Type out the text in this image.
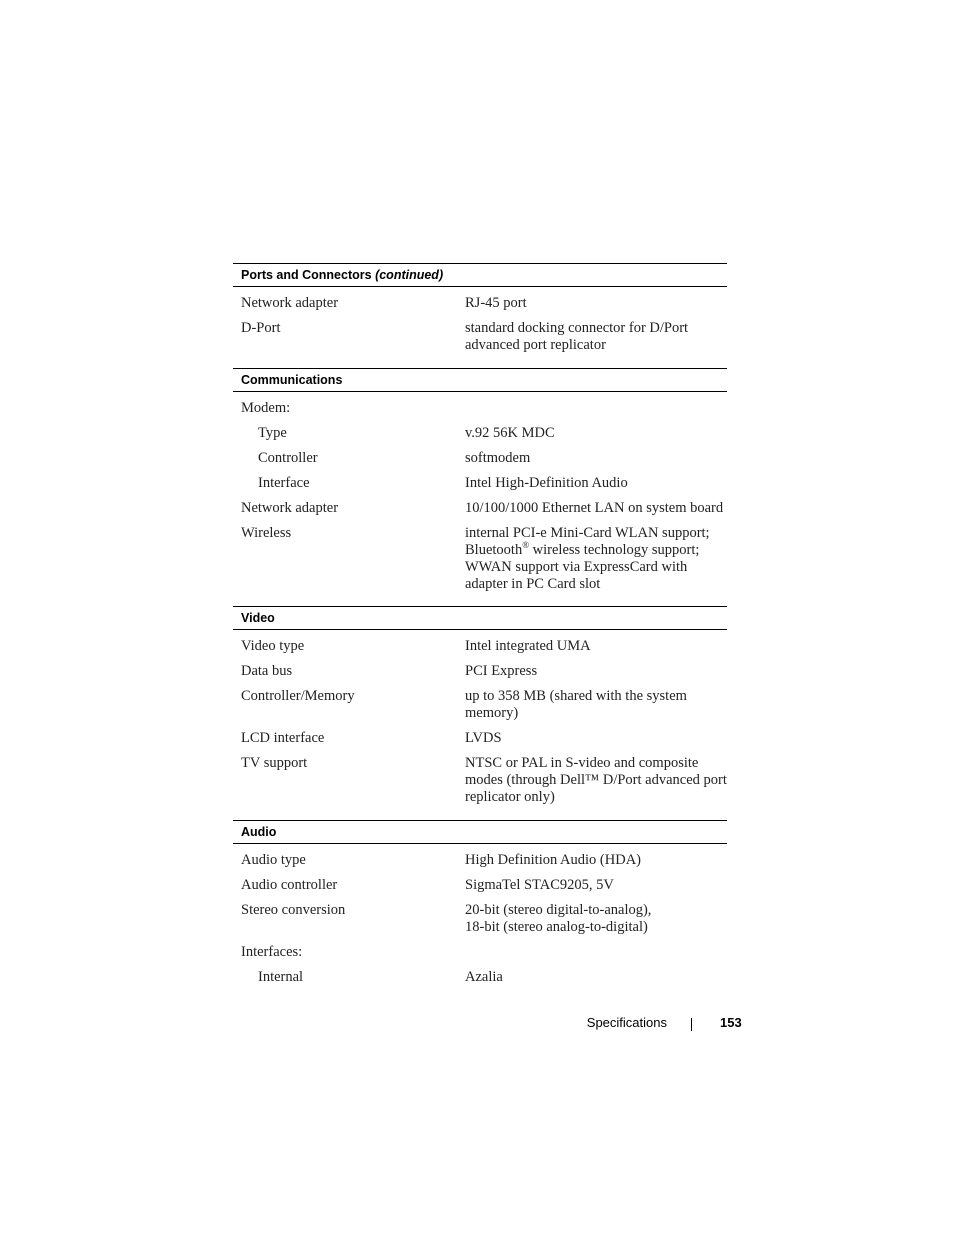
Ports and Connectors (continued)
Network adapter	RJ-45 port
D-Port	standard docking connector for D/Port advanced port replicator
Communications
Modem:
Type	v.92 56K MDC
Controller	softmodem
Interface	Intel High-Definition Audio
Network adapter	10/100/1000 Ethernet LAN on system board
Wireless	internal PCI-e Mini-Card WLAN support; Bluetooth® wireless technology support; WWAN support via ExpressCard with adapter in PC Card slot
Video
Video type	Intel integrated UMA
Data bus	PCI Express
Controller/Memory	up to 358 MB (shared with the system memory)
LCD interface	LVDS
TV support	NTSC or PAL in S-video and composite modes (through Dell™ D/Port advanced port replicator only)
Audio
Audio type	High Definition Audio (HDA)
Audio controller	SigmaTel STAC9205, 5V
Stereo conversion	20-bit (stereo digital-to-analog),
18-bit (stereo analog-to-digital)
Interfaces:
Internal	Azalia
Specifications	153
